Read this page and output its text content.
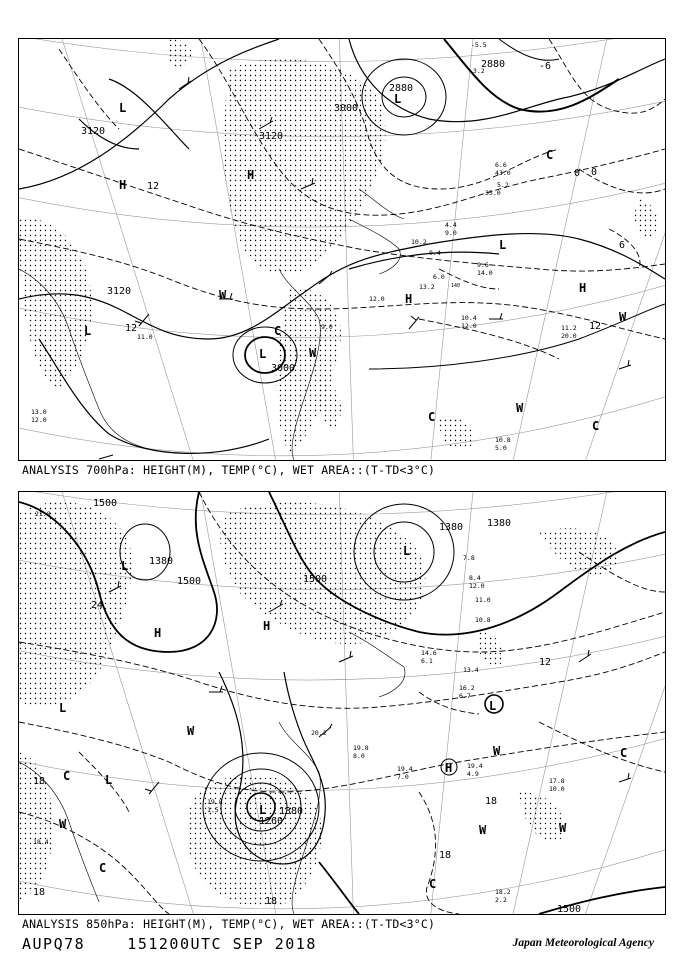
13.0
12.0
11.0
10.4
12.0	11.2
20.0
10.8
5.0
12.0
9.0
10.2
6.0
13.2
-5.5
6.6
43.0
5.2
35.0
4.4
9.0
0.4
9.6
14.0
-3.2
3120
3120
3000
3000
2880
2880
3120
12
12
12
0 0
6
-6
L
L
L
L
L
H
H
H
H
W
W
W
W
C
C
C
C
140
ANALYSIS 700hPa: HEIGHT(M), TEMP(°C), WET AREA::(T-TD<3°C)
19.4
4.9
17.8
10.0
18.2
2.2
19.8
8.0
19.4
7.0
14.6
6.1
13.4
16.2
6.7
11.0
7.8
10.8
8.4
12.0
21.8
20.2
19.8
1.5
18.4
1500
1500	1500
1500
1380
1380 1380
1380
1260
18
18
18
18
18
12
24
L
L
L
L
L
L
H	H
H
W
W
W
W
W
C
C
C
C
ANALYSIS 850hPa: HEIGHT(M), TEMP(°C), WET AREA::(T-TD<3°C)
AUPQ78    151200UTC SEP 2018	Japan Meteorological Agency
